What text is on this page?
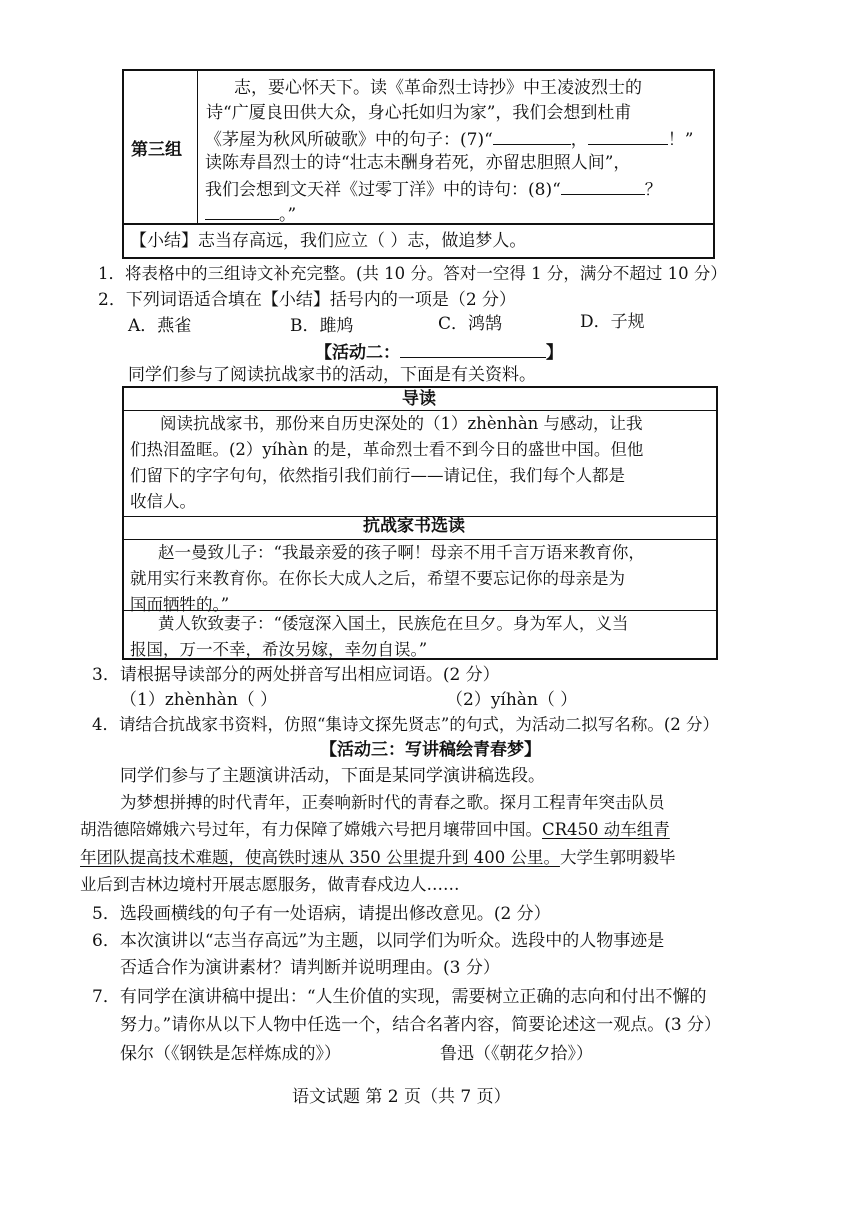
第三组
志，要心怀天下。读《革命烈士诗抄》中王凌波烈士的
诗“广厦良田供大众，身心托如归为家”，我们会想到杜甫
《茅屋为秋风所破歌》中的句子：(7)“	，	！”
读陈寿昌烈士的诗“壮志未酬身若死，亦留忠胆照人间”，
我们会想到文天祥《过零丁洋》中的诗句：(8)“	？
。”
【小结】志当存高远，我们应立（ ）志，做追梦人。
1．将表格中的三组诗文补充完整。(共 10 分。答对一空得 1 分，满分不超过 10 分）
2．下列词语适合填在【小结】括号内的一项是（2 分）
A．燕雀	B．雎鸠	C．鸿鹄	D．子规
【活动二：	】
同学们参与了阅读抗战家书的活动，下面是有关资料。
导读
阅读抗战家书，那份来自历史深处的（1）zhènhàn 与感动，让我
们热泪盈眶。(2）yíhàn 的是，革命烈士看不到今日的盛世中国。但他
们留下的字字句句，依然指引我们前行——请记住，我们每个人都是
收信人。
抗战家书选读
赵一曼致儿子：“我最亲爱的孩子啊！母亲不用千言万语来教育你，
就用实行来教育你。在你长大成人之后，希望不要忘记你的母亲是为
国而牺牲的。”
黄人钦致妻子：“倭寇深入国土，民族危在旦夕。身为军人，义当
报国，万一不幸，希汝另嫁，幸勿自误。”
3．请根据导读部分的两处拼音写出相应词语。(2 分）
（1）zhènhàn（ ）	（2）yíhàn（ ）
4．请结合抗战家书资料，仿照“集诗文探先贤志”的句式，为活动二拟写名称。(2 分）
【活动三：写讲稿绘青春梦】
同学们参与了主题演讲活动，下面是某同学演讲稿选段。
为梦想拼搏的时代青年，正奏响新时代的青春之歌。探月工程青年突击队员
胡浩德陪嫦娥六号过年，有力保障了嫦娥六号把月壤带回中国。CR450 动车组青
年团队提高技术难题，使高铁时速从 350 公里提升到 400 公里。大学生郭明毅毕
业后到吉林边境村开展志愿服务，做青春戍边人……
5．选段画横线的句子有一处语病，请提出修改意见。(2 分）
6．本次演讲以“志当存高远”为主题，以同学们为听众。选段中的人物事迹是
否适合作为演讲素材？请判断并说明理由。(3 分）
7．有同学在演讲稿中提出：“人生价值的实现，需要树立正确的志向和付出不懈的
努力。”请你从以下人物中任选一个，结合名著内容，简要论述这一观点。(3 分）
保尔（《钢铁是怎样炼成的》）	鲁迅（《朝花夕拾》）
语文试题 第 2 页（共 7 页）
